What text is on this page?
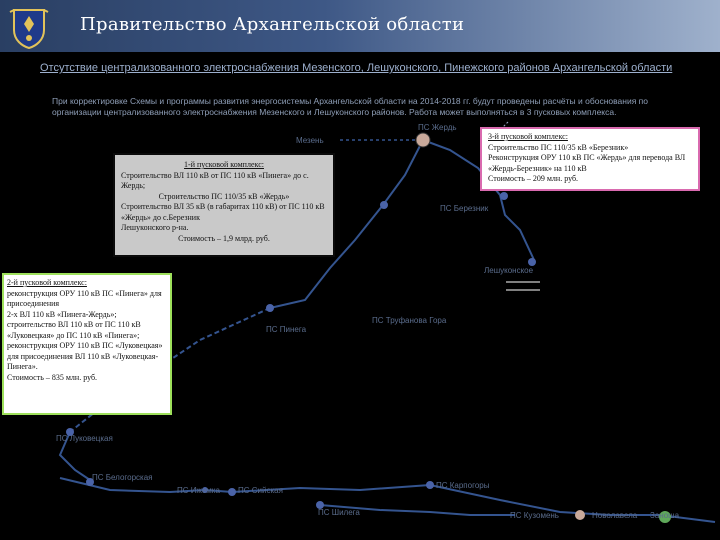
Правительство Архангельской области
Отсутствие централизованного электроснабжения Мезенского, Лешуконского, Пинежского районов Архангельской области
При корректировке Схемы и программы развития энергосистемы Архангельской области на 2014-2018 гг. будут проведены расчёты и обоснования по организации централизованного электроснабжения Мезенского и Лешуконского районов. Работа может выполняться в 3 пусковых комплекса.
Мезень
ПС Жердь
ПС Березник
Лешуконское
ПС Труфанова Гора
ПС Пинега
ПС Луковецкая
ПС Белогорская
ПС Ижемка ПС Сийская
ПС Карпогоры
ПС Шилега	ПС Кузомень	Новолавела Заноша
1-й пусковой комплекс:
Строительство ВЛ 110 кВ от ПС 110 кВ «Пинега» до с. Жердь;
Строительство ПС 110/35 кВ «Жердь»
Строительство ВЛ 35 кВ (в габаритах 110 кВ) от ПС 110 кВ «Жердь» до с.Березник
Лешуконского р-на.
Стоимость – 1,9 млрд. руб.
2-й пусковой комплекс:
реконструкция ОРУ 110 кВ ПС «Пинега» для присоединения
2-х ВЛ 110 кВ «Пинега-Жердь»;
строительство ВЛ 110 кВ от ПС 110 кВ «Луковецкая» до ПС 110 кВ «Пинега»;
реконструкция ОРУ 110 кВ ПС «Луковецкая» для присоединения ВЛ 110 кВ «Луковецкая-Пинега».
Стоимость – 835 млн. руб.
3-й пусковой комплекс:
Строительство ПС 110/35 кВ «Березник»
Реконструкция ОРУ 110 кВ ПС «Жердь» для перевода ВЛ «Жердь-Березник» на 110 кВ
Стоимость – 209 млн. руб.
